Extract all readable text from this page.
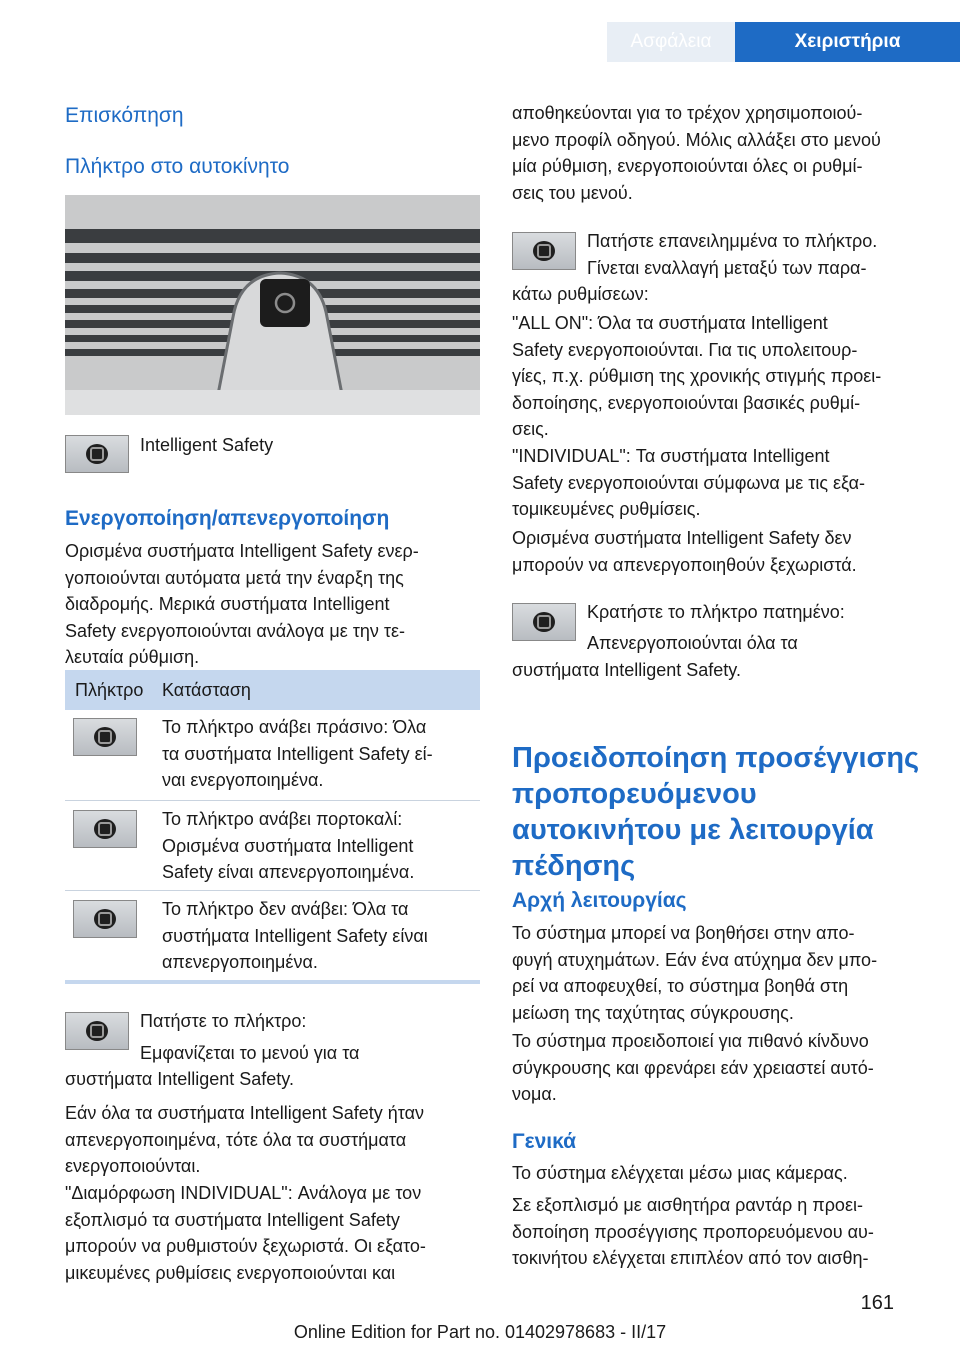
Ασφάλεια	Χειριστήρια
Επισκόπηση
Πλήκτρο στο αυτοκίνητο
Intelligent Safety
Ενεργοποίηση/απενεργοποίηση
Ορισμένα συστήματα Intelligent Safety ενερ-
γοποιούνται αυτόματα μετά την έναρξη της
διαδρομής. Μερικά συστήματα Intelligent
Safety ενεργοποιούνται ανάλογα με την τε-
λευταία ρύθμιση.
Πλήκτρο Κατάσταση
Το πλήκτρο ανάβει πράσινο: Όλα
τα συστήματα Intelligent Safety εί-
ναι ενεργοποιημένα.
Το πλήκτρο ανάβει πορτοκαλί:
Ορισμένα συστήματα Intelligent
Safety είναι απενεργοποιημένα.
Το πλήκτρο δεν ανάβει: Όλα τα
συστήματα Intelligent Safety είναι
απενεργοποιημένα.
Πατήστε το πλήκτρο:
Εμφανίζεται το μενού για τα
συστήματα Intelligent Safety.
Εάν όλα τα συστήματα Intelligent Safety ήταν
απενεργοποιημένα, τότε όλα τα συστήματα
ενεργοποιούνται.
"Διαμόρφωση INDIVIDUAL": Ανάλογα με τον
εξοπλισμό τα συστήματα Intelligent Safety
μπορούν να ρυθμιστούν ξεχωριστά. Οι εξατο-
μικευμένες ρυθμίσεις ενεργοποιούνται και
αποθηκεύονται για το τρέχον χρησιμοποιού-
μενο προφίλ οδηγού. Μόλις αλλάξει στο μενού
μία ρύθμιση, ενεργοποιούνται όλες οι ρυθμί-
σεις του μενού.
Πατήστε επανειλημμένα το πλήκτρο.
Γίνεται εναλλαγή μεταξύ των παρα-
κάτω ρυθμίσεων:
"ALL ON": Όλα τα συστήματα Intelligent
Safety ενεργοποιούνται. Για τις υπολειτουρ-
γίες, π.χ. ρύθμιση της χρονικής στιγμής προει-
δοποίησης, ενεργοποιούνται βασικές ρυθμί-
σεις.
"INDIVIDUAL": Τα συστήματα Intelligent
Safety ενεργοποιούνται σύμφωνα με τις εξα-
τομικευμένες ρυθμίσεις.
Ορισμένα συστήματα Intelligent Safety δεν
μπορούν να απενεργοποιηθούν ξεχωριστά.
Κρατήστε το πλήκτρο πατημένο:
Απενεργοποιούνται όλα τα
συστήματα Intelligent Safety.
Προειδοποίηση προσέγγισης
προπορευόμενου
αυτοκινήτου με λειτουργία
πέδησης
Αρχή λειτουργίας
Το σύστημα μπορεί να βοηθήσει στην απο-
φυγή ατυχημάτων. Εάν ένα ατύχημα δεν μπο-
ρεί να αποφευχθεί, το σύστημα βοηθά στη
μείωση της ταχύτητας σύγκρουσης.
Το σύστημα προειδοποιεί για πιθανό κίνδυνο
σύγκρουσης και φρενάρει εάν χρειαστεί αυτό-
νομα.
Γενικά
Το σύστημα ελέγχεται μέσω μιας κάμερας.
Σε εξοπλισμό με αισθητήρα ραντάρ η προει-
δοποίηση προσέγγισης προπορευόμενου αυ-
τοκινήτου ελέγχεται επιπλέον από τον αισθη-
161
Online Edition for Part no. 01402978683 - II/17
